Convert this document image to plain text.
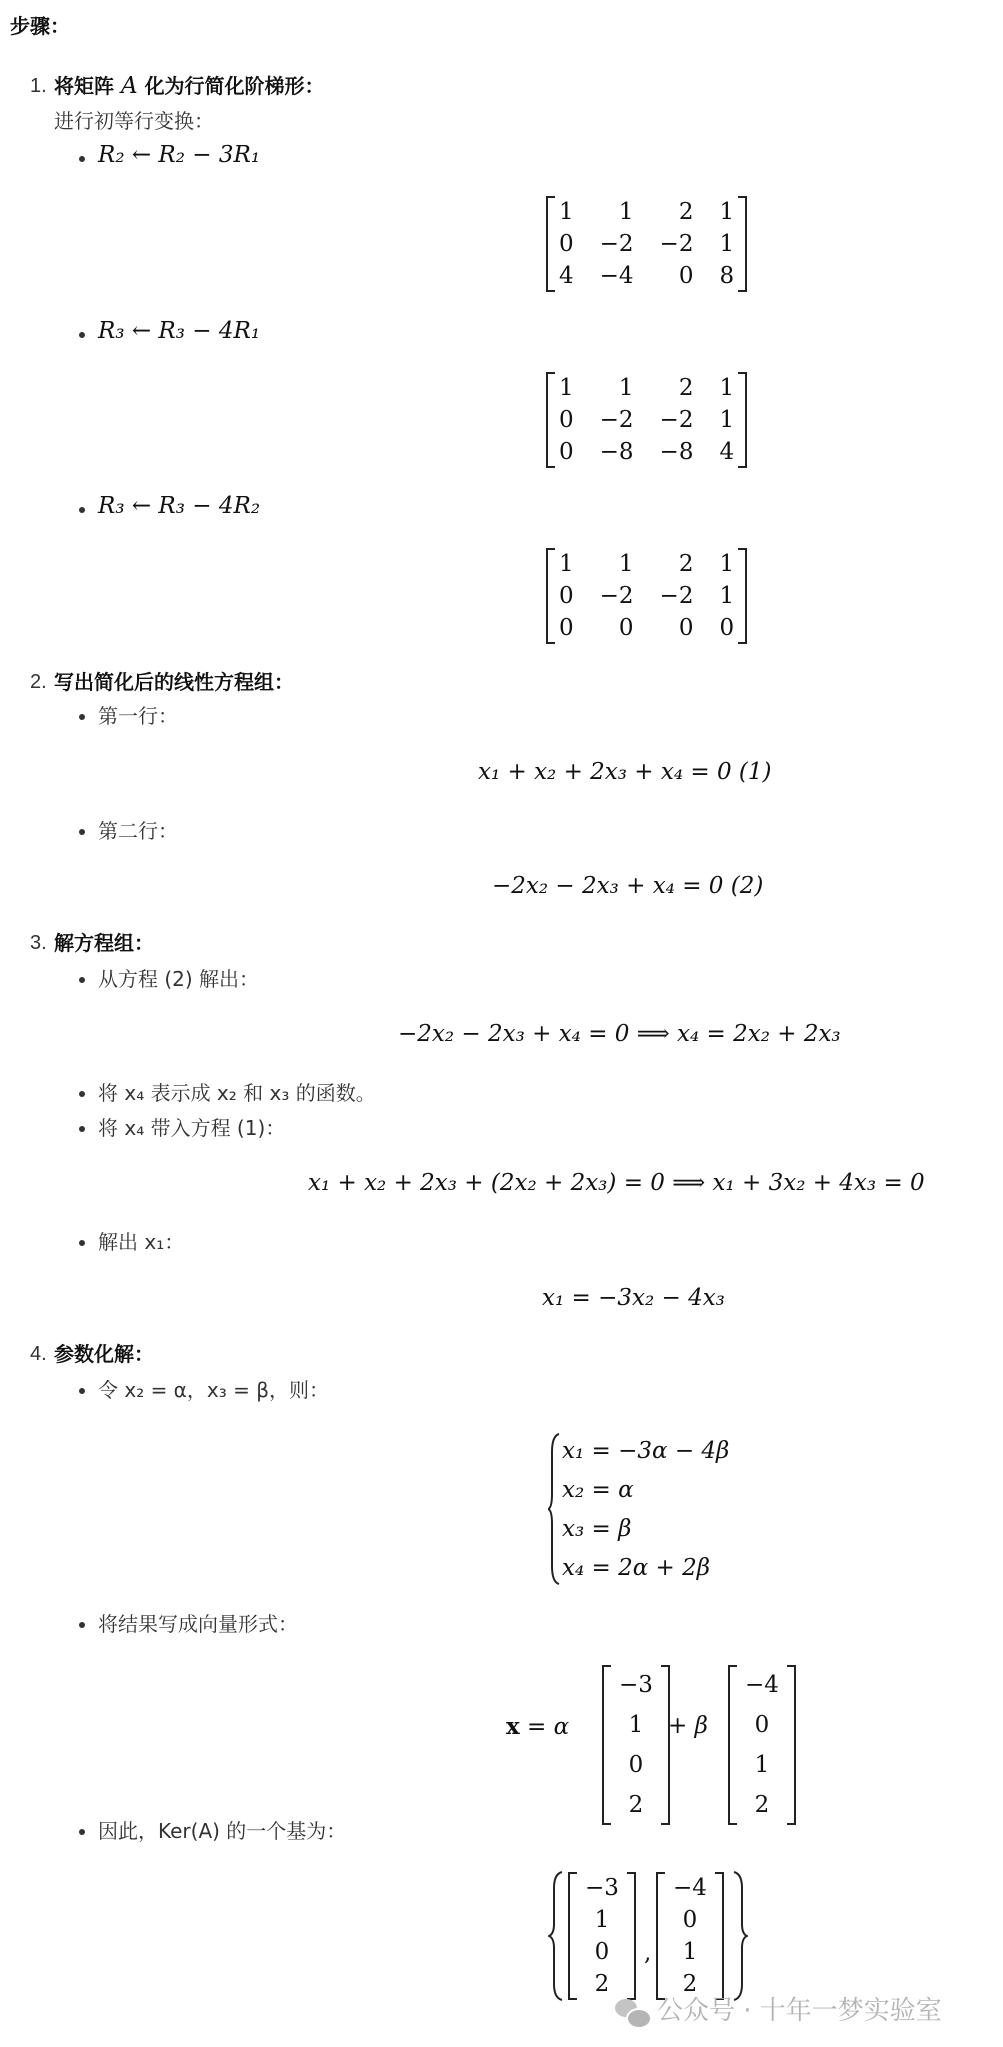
步骤：
1. 将矩阵 A 化为行简化阶梯形：
进行初等行变换：
R₂ ← R₂ − 3R₁
1	1	2 1
0 −2 −2 1
4 −4	0 8
R₃ ← R₃ − 4R₁
1	1	2 1
0 −2 −2 1
0 −8 −8 4
R₃ ← R₃ − 4R₂
1	1	2 1
0 −2 −2 1
0	0	0 0
2. 写出简化后的线性方程组：
第一行：
x₁ + x₂ + 2x₃ + x₄ = 0 (1)
第二行：
−2x₂ − 2x₃ + x₄ = 0 (2)
3. 解方程组：
从方程 (2) 解出：
−2x₂ − 2x₃ + x₄ = 0 ⟹ x₄ = 2x₂ + 2x₃
将 x₄ 表示成 x₂ 和 x₃ 的函数。
将 x₄ 带入方程 (1)：
x₁ + x₂ + 2x₃ + (2x₂ + 2x₃) = 0 ⟹ x₁ + 3x₂ + 4x₃ = 0
解出 x₁：
x₁ = −3x₂ − 4x₃
4. 参数化解：
令 x₂ = α，x₃ = β，则：
x₁ = −3α − 4β
x₂ = α
x₃ = β
x₄ = 2α + 2β
将结果写成向量形式：
x = α
−3
1
0
2
+ β
−4
0
1
2
因此，Ker(A) 的一个基为：
−3
1
0
2
,
−4
0
1
2
公众号 · 十年一梦实验室
